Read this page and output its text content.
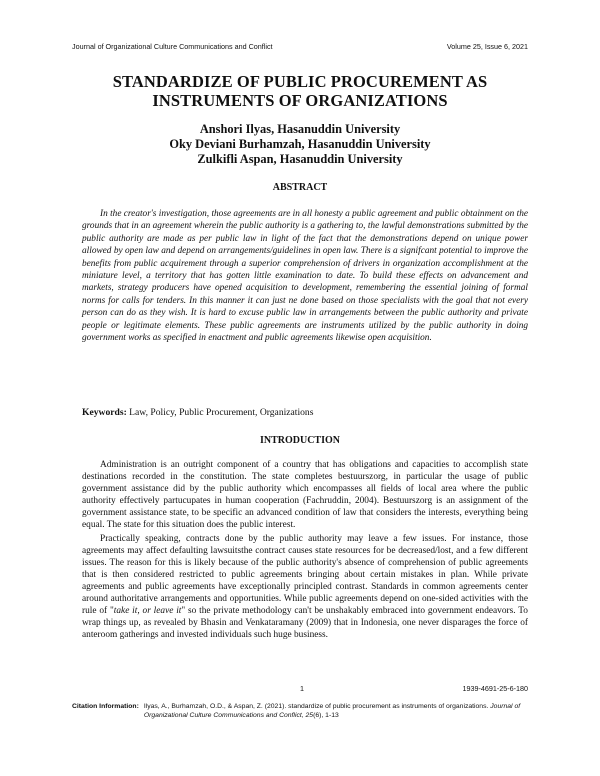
Journal of Organizational Culture Communications and Conflict	Volume 25, Issue 6, 2021
STANDARDIZE OF PUBLIC PROCUREMENT AS
INSTRUMENTS OF ORGANIZATIONS
Anshori Ilyas, Hasanuddin University
Oky Deviani Burhamzah, Hasanuddin University
Zulkifli Aspan, Hasanuddin University
ABSTRACT

In the creator's investigation, those agreements are in all honesty a public agreement and public obtainment on the grounds that in an agreement wherein the public authority is a gathering to, the lawful demonstrations submitted by the public authority are made as per public law in light of the fact that the demonstrations depend on unique power allowed by open law and depend on arrangements/guidelines in open law. There is a signifcant potential to improve the benefits from public acquirement through a superior comprehension of drivers in organization accomplishment at the miniature level, a territory that has gotten little examination to date. To build these effects on advancement and markets, strategy producers have opened acquisition to development, remembering the essential joining of formal norms for calls for tenders. In this manner it can just ne done based on those specialists with the goal that not every person can do as they wish. It is hard to excuse public law in arrangements between the public authority and private people or legitimate elements. These public agreements are instruments utilized by the public authority in doing government works as specified in enactment and public agreements likewise open acquisition.

Keywords: Law, Policy, Public Procurement, Organizations
INTRODUCTION

Administration is an outright component of a country that has obligations and capacities to accomplish state destinations recorded in the constitution. The state completes bestuurszorg, in particular the usage of public government assistance did by the public authority which encompasses all fields of local area where the public authority effectively partucupates in human cooperation (Fachruddin, 2004). Bestuurszorg is an assignment of the government assistance state, to be specific an advanced condition of law that considers the interests, everything being equal. The state for this situation does the public interest.

Practically speaking, contracts done by the public authority may leave a few issues. For instance, those agreements may affect defaulting lawsuitsthe contract causes state resources for be decreased/lost, and a few different issues. The reason for this is likely because of the public authority's absence of comprehension of public agreements that is then considered restricted to public agreements bringing about certain mistakes in plan. While private agreements and public agreements have exceptionally principled contrast. Standards in common agreements center around authoritative arrangements and opportunities. While public agreements depend on one-sided activities with the rule of "take it, or leave it" so the private methodology can't be unshakably embraced into government endeavors. To wrap things up, as revealed by Bhasin and Venkataramany (2009) that in Indonesia, one never disparages the force of anteroom gatherings and invested individuals such huge business.

1	1939-4691-25-6-180
Citation Information: Ilyas, A., Burhamzah, O.D., & Aspan, Z. (2021). standardize of public procurement as instruments of organizations. Journal of Organizational Culture Communications and Conflict, 25(6), 1-13
